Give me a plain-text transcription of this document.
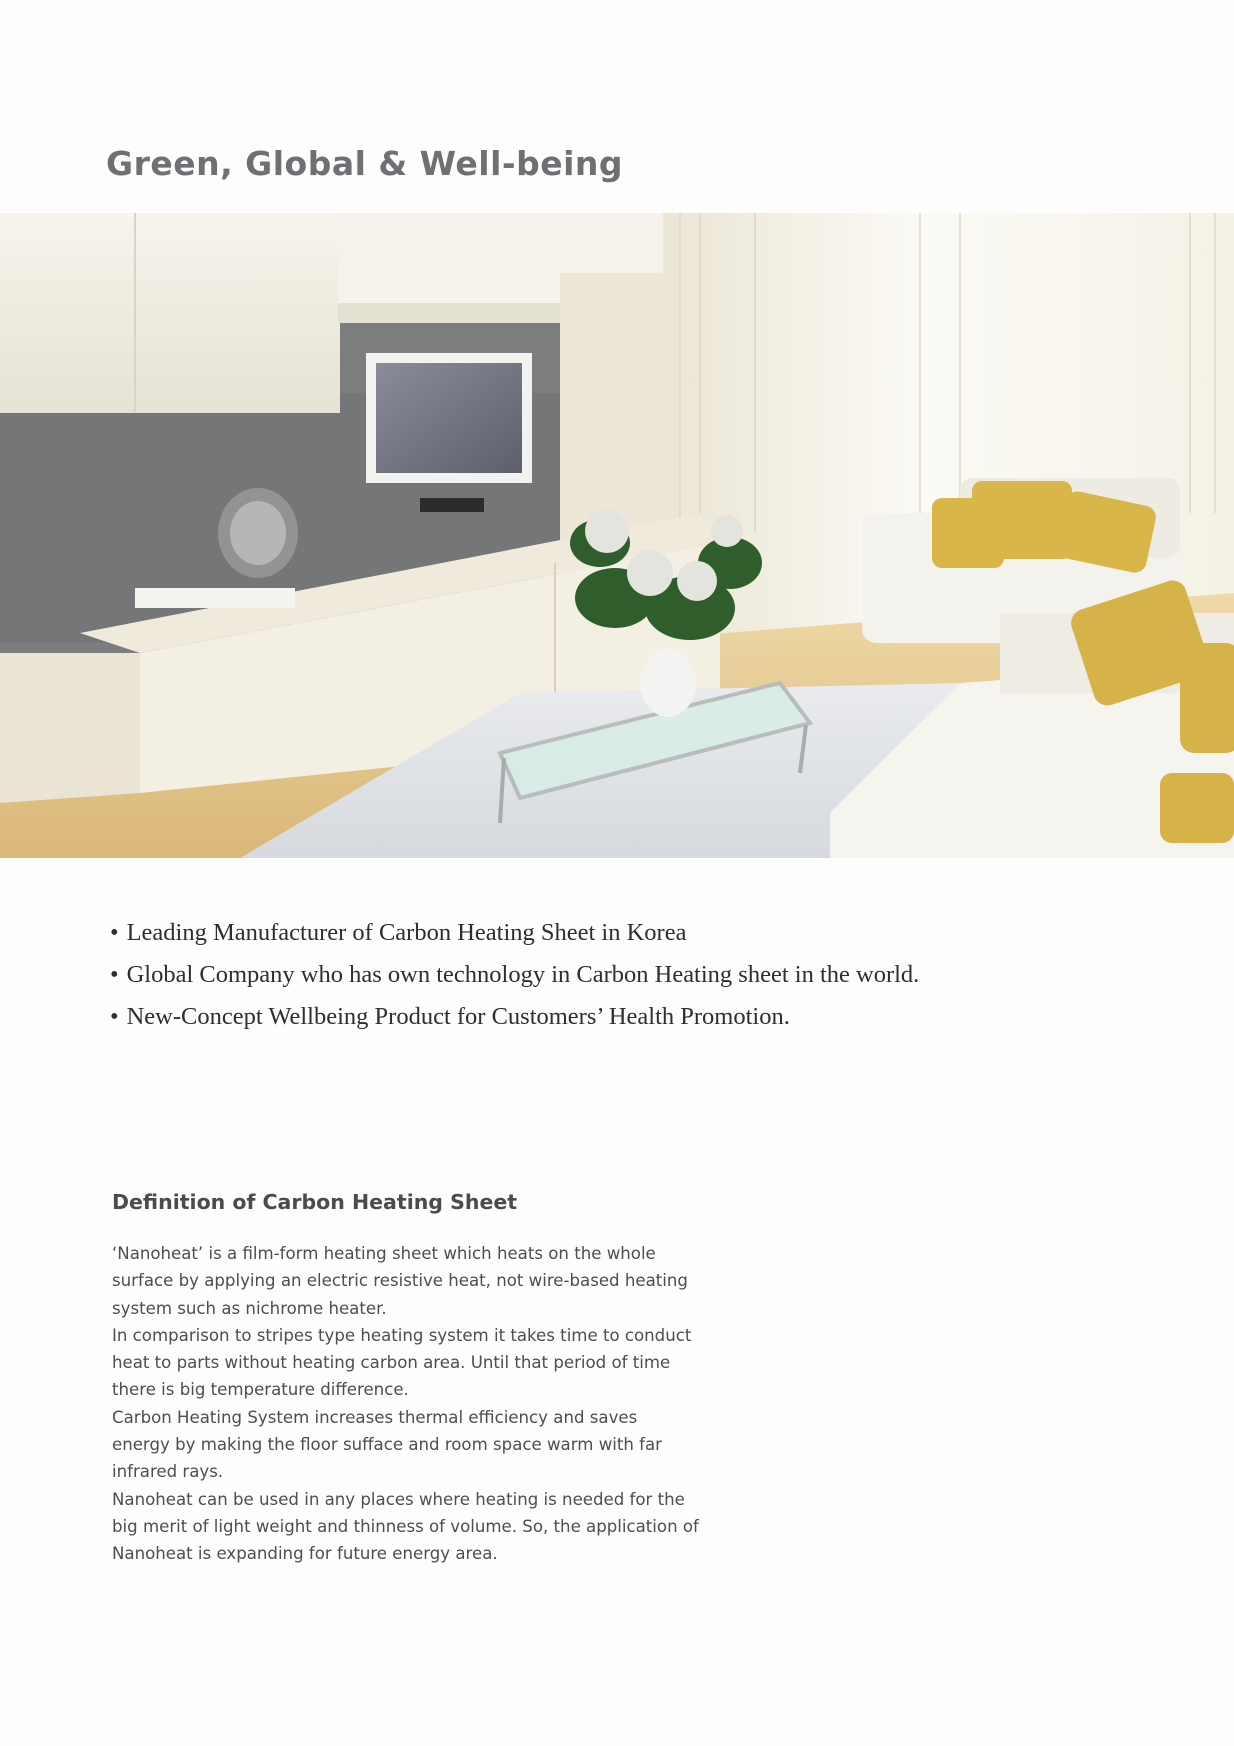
Green, Global & Well-being
• Leading Manufacturer of Carbon Heating Sheet in Korea
• Global Company who has own technology in Carbon Heating sheet in the world.
• New-Concept Wellbeing Product for Customers’ Health Promotion.
Definition of Carbon Heating Sheet
‘Nanoheat’ is a film-form heating sheet which heats on the whole
surface by applying an electric resistive heat, not wire-based heating
system such as nichrome heater.
In comparison to stripes type heating system it takes time to conduct
heat to parts without heating carbon area. Until that period of time
there is big temperature difference.
Carbon Heating System increases thermal efficiency and saves
energy by making the floor sufface and room space warm with far
infrared rays.
Nanoheat can be used in any places where heating is needed for the
big merit of light weight and thinness of volume. So, the application of
Nanoheat is expanding for future energy area.
